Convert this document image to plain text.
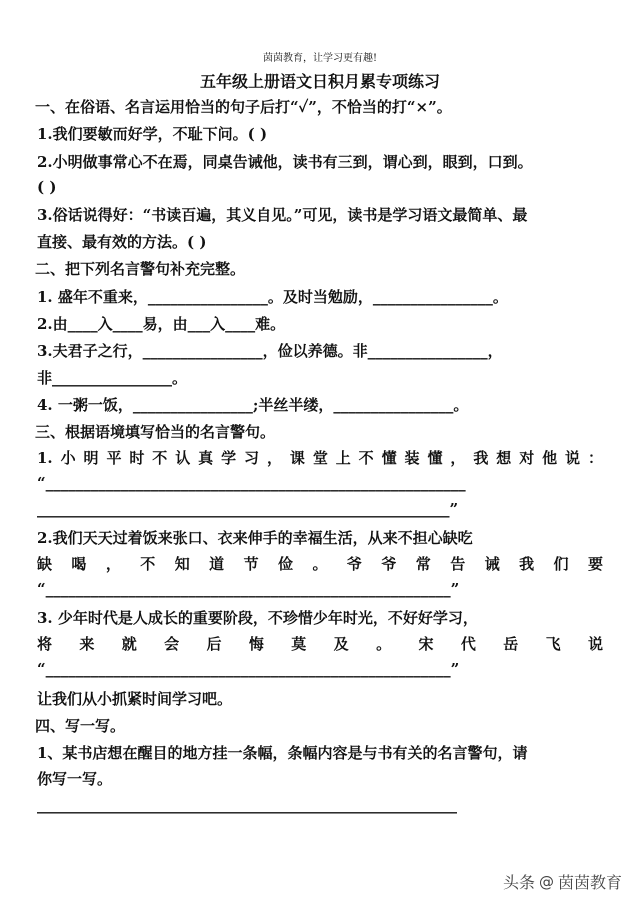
茵茵教育，让学习更有趣!
五年级上册语文日积月累专项练习
一、在俗语、名言运用恰当的句子后打“✓”，不恰当的打“×”。
1.我们要敏而好学，不耻下问。( )
2.小明做事常心不在焉，同桌告诫他，读书有三到，谓心到，眼到，口到。
( )
3.俗话说得好：“书读百遍，其义自见。”可见，读书是学习语文最简单、最
直接、最有效的方法。( )
二、把下列名言警句补充完整。
1. 盛年不重来，________________。及时当勉励，________________。
2.由____入____易，由___入____难。
3.夫君子之行，________________，俭以养德。非________________，
非________________。
4. 一粥一饭，________________;半丝半缕，________________。
三、根据语境填写恰当的名言警句。
1.小明平时不认真学习，课堂上不懂装懂，我想对他说：
“________________________________________________________
_______________________________________________________”
2.我们天天过着饭来张口、衣来伸手的幸福生活，从来不担心缺吃
缺喝，不知道节俭。爷爷常告诫我们要
“______________________________________________________”
3. 少年时代是人成长的重要阶段，不珍惜少年时光，不好好学习，
将来就会后悔莫及。宋代岳飞说
“______________________________________________________”
让我们从小抓紧时间学习吧。
四、写一写。
1、某书店想在醒目的地方挂一条幅，条幅内容是与书有关的名言警句，请
你写一写。
________________________________________________________
头条 @ 茵茵教育
